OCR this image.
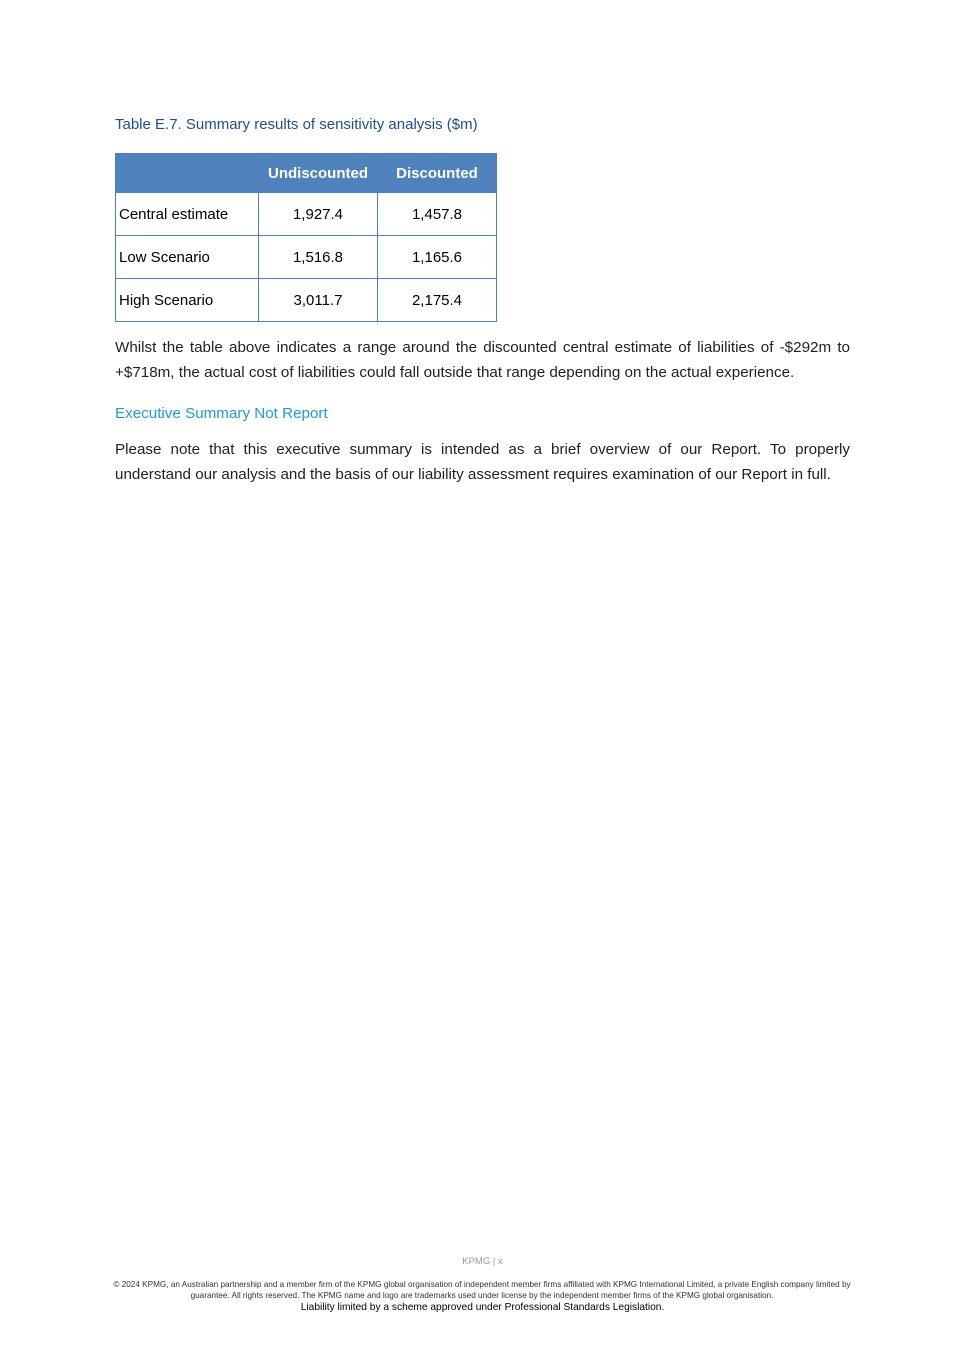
Table E.7. Summary results of sensitivity analysis ($m)

	Undiscounted	Discounted
Central estimate	1,927.4	1,457.8
Low Scenario	1,516.8	1,165.6
High Scenario	3,011.7	2,175.4

Whilst the table above indicates a range around the discounted central estimate of liabilities of -$292m to +$718m, the actual cost of liabilities could fall outside that range depending on the actual experience.

Executive Summary Not Report

Please note that this executive summary is intended as a brief overview of our Report. To properly understand our analysis and the basis of our liability assessment requires examination of our Report in full.

KPMG | x
© 2024 KPMG, an Australian partnership and a member firm of the KPMG global organisation of independent member firms affiliated with KPMG International Limited, a private English company limited by guarantee. All rights reserved. The KPMG name and logo are trademarks used under license by the independent member firms of the KPMG global organisation.
Liability limited by a scheme approved under Professional Standards Legislation.
